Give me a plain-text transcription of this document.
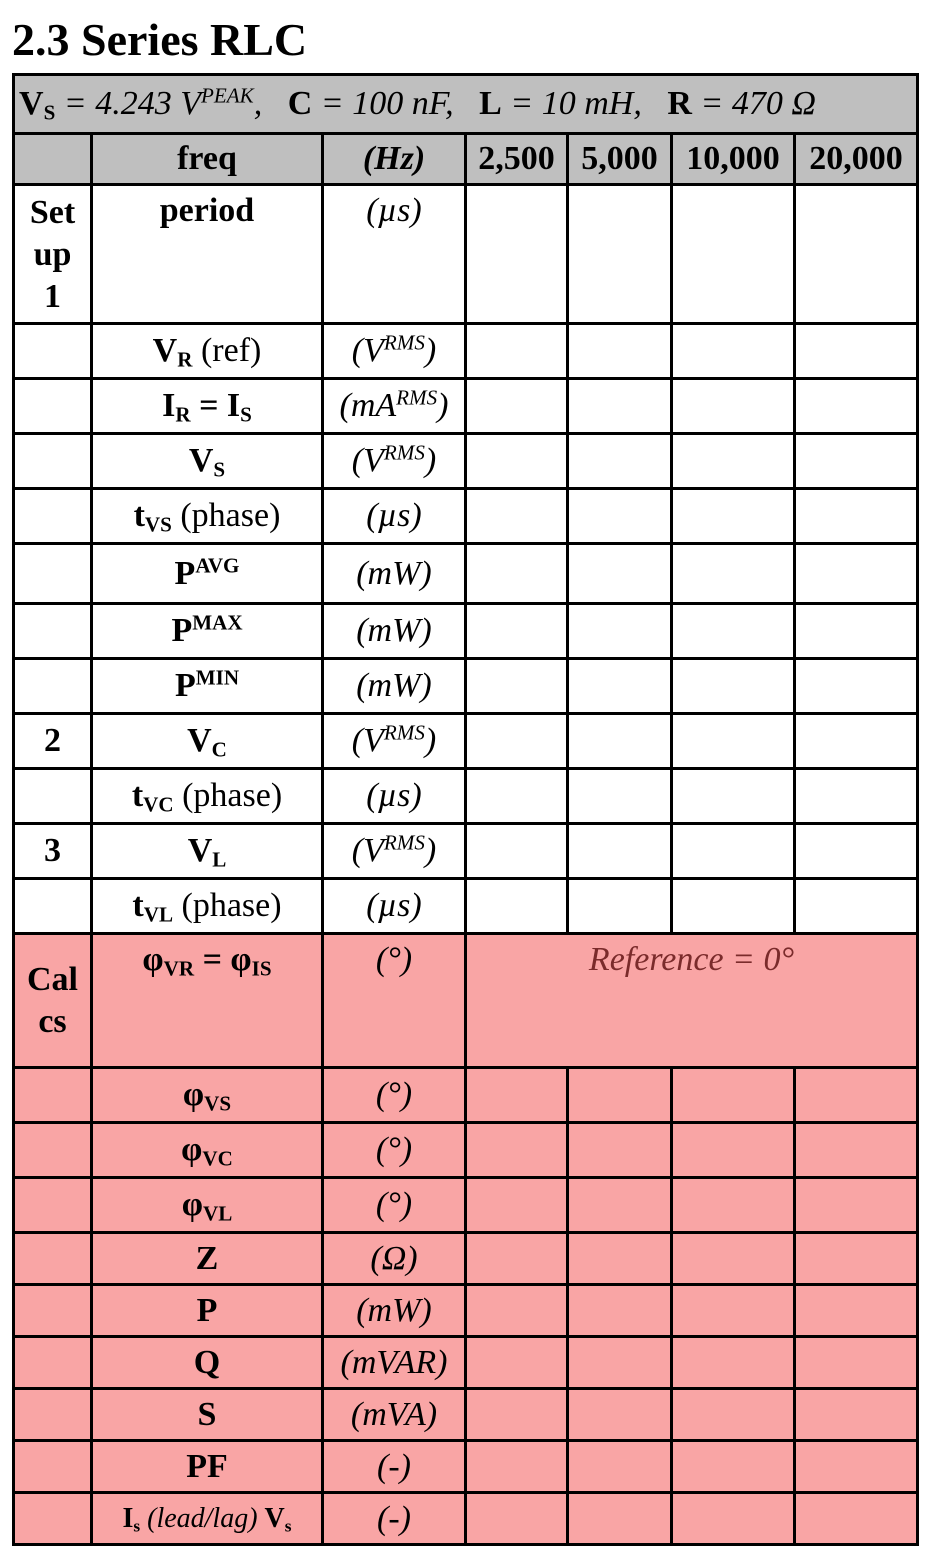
2.3 Series RLC
$V_S = 4.243$ $V^{PEAK}$, C = 100 nF, L = 10 mH, R = 470 Ω						
	freq	(Hz)	2,500	5,000	10,000	20,000
Set
up
1	period	(µs)				
	$V_R$ (ref)	$(V^{RMS})$				
	$I_R = I_S$	$(mA^{RMS})$				
	$V_S$	$(V^{RMS})$				
	$t_{VS}$ (phase)	(µs)				
	$P^{AVG}$	(mW)				
	$P^{MAX}$	(mW)				
	$P^{MIN}$	(mW)				
2	$V_C$	$(V^{RMS})$				
	$t_{VC}$ (phase)	(µs)				
3	$V_L$	$(V^{RMS})$				
	$t_{VL}$ (phase)	(µs)				
Cal
cs	$\varphi_{VR} = \varphi_{IS}$	(°)	Reference = 0°			
	$\varphi_{VS}$	(°)				
	$\varphi_{VC}$	(°)				
	$\varphi_{VL}$	(°)				
	Z	(Ω)				
	P	(mW)				
	Q	(mVAR)				
	S	(mVA)				
	PF	(-)				
	$I_s$ (lead/lag) $V_s$	(-)				
